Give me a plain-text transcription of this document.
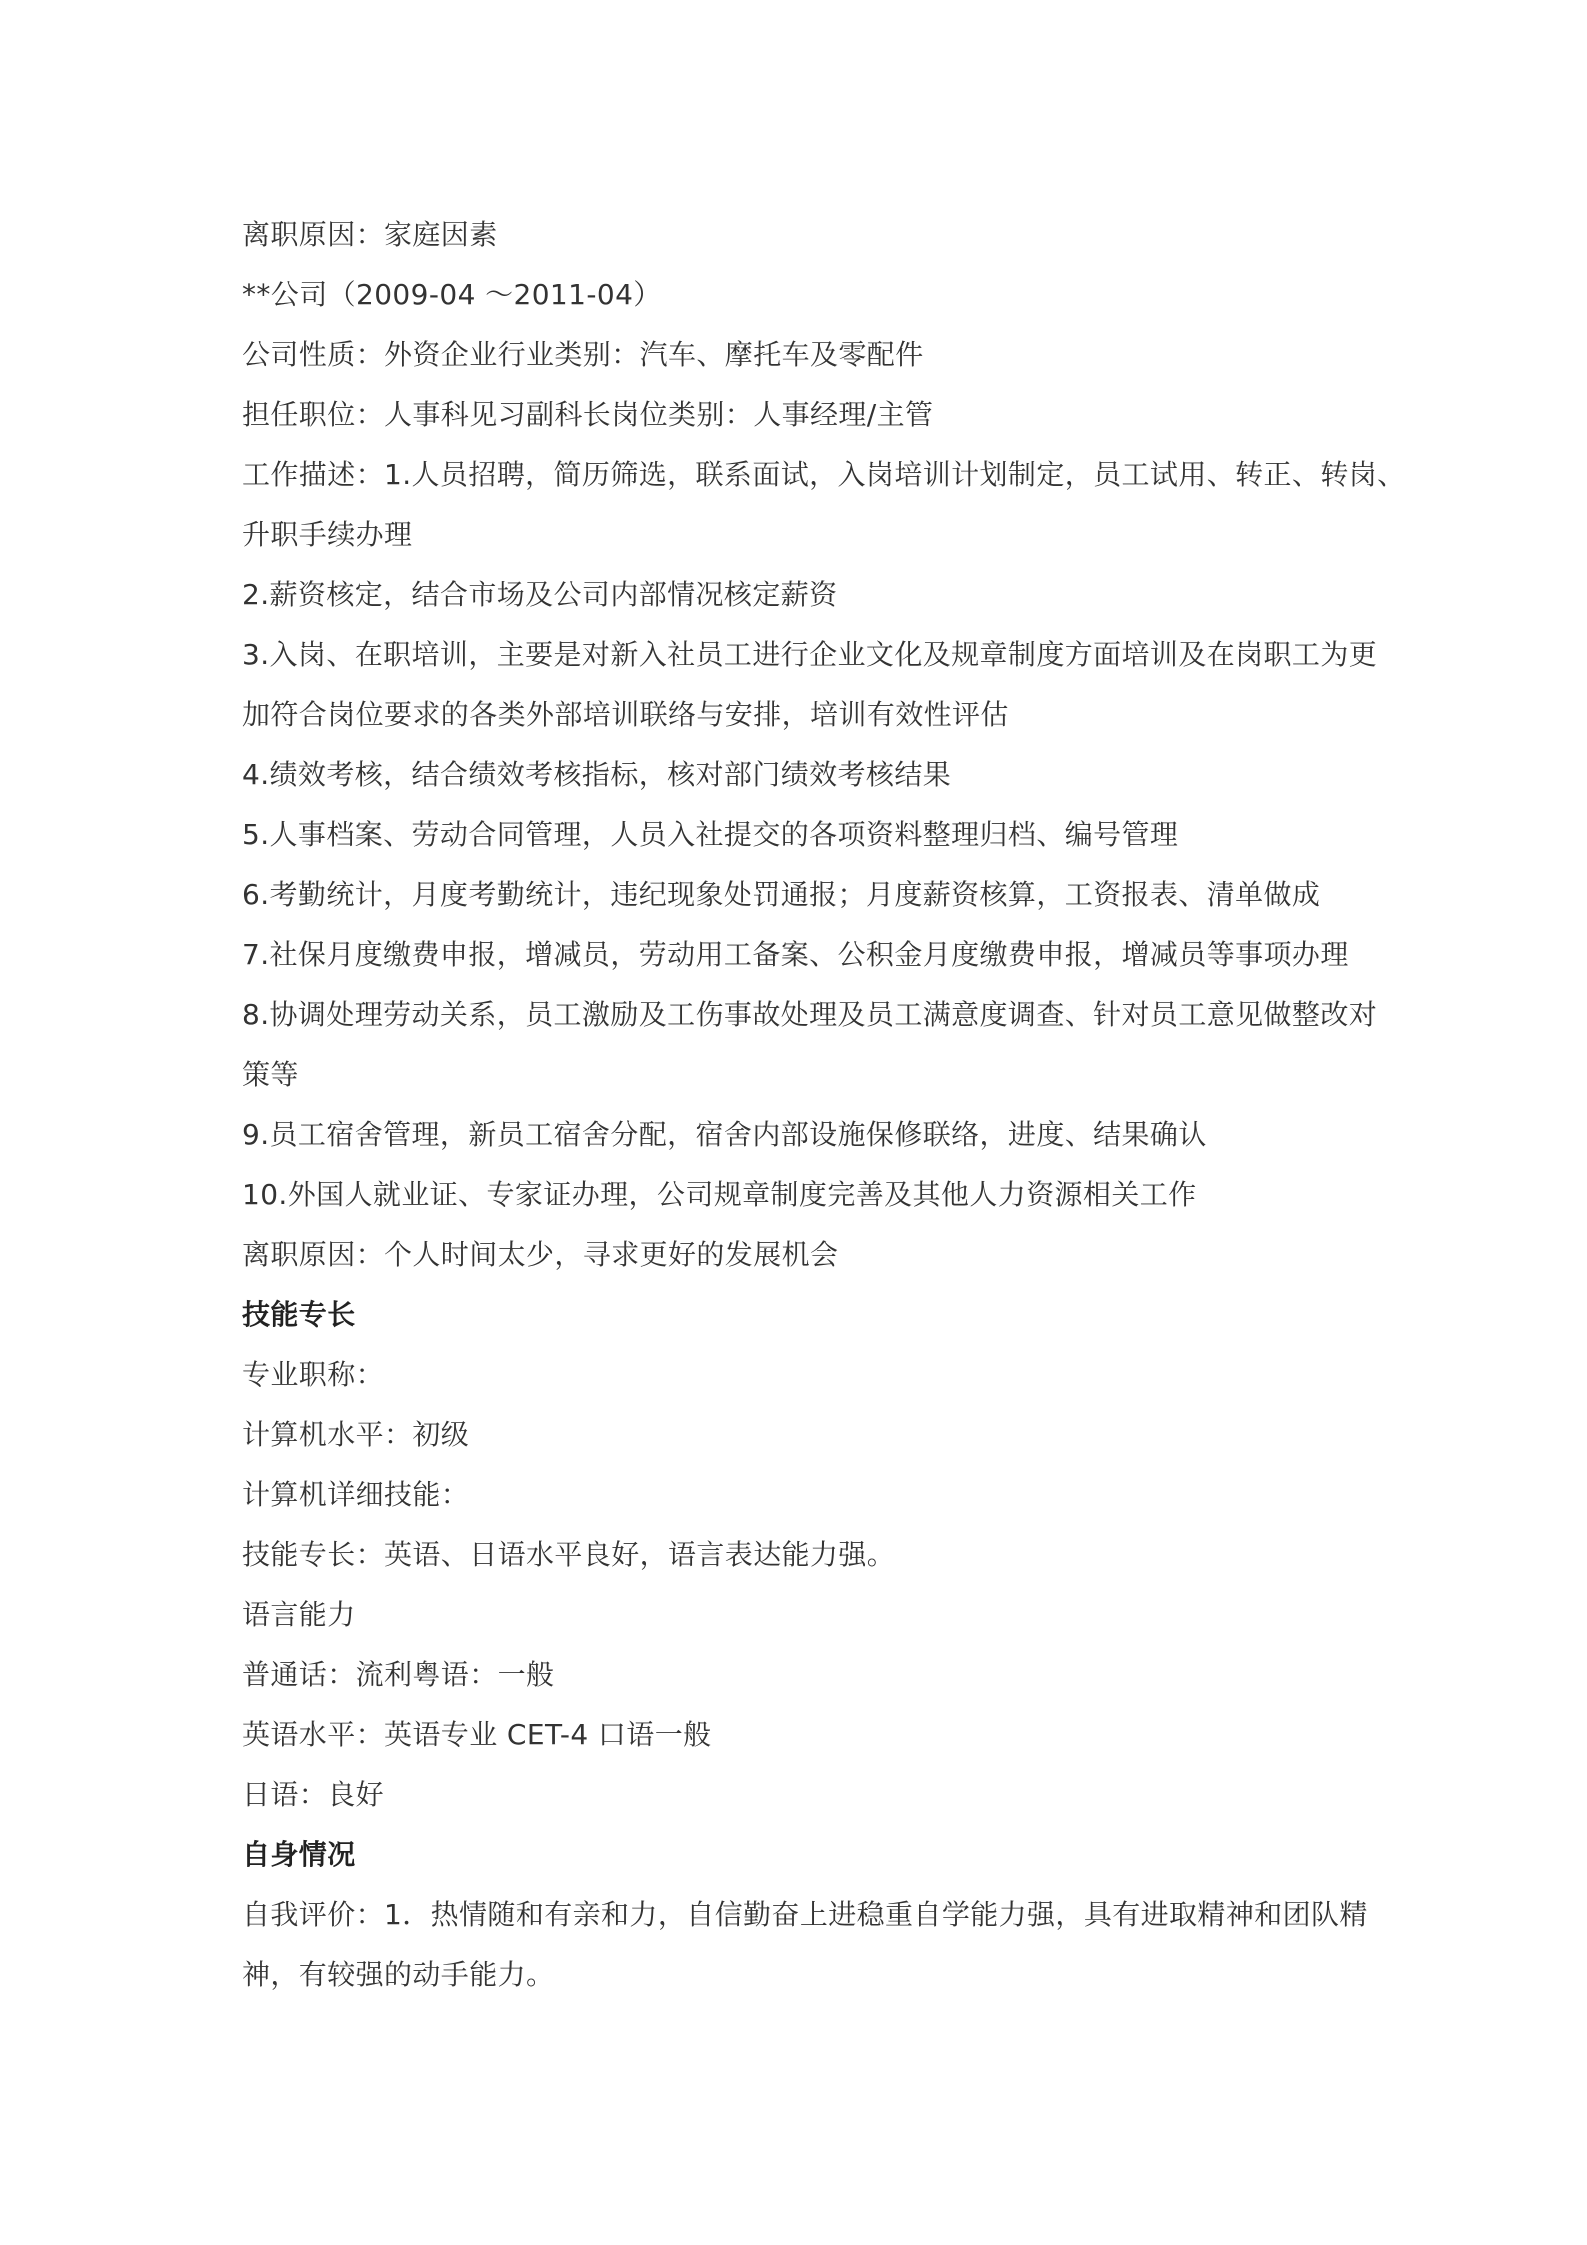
离职原因：家庭因素
**公司（2009-04 ～2011-04）
公司性质：外资企业行业类别：汽车、摩托车及零配件
担任职位：人事科见习副科长岗位类别：人事经理/主管
工作描述：1.人员招聘，简历筛选，联系面试，入岗培训计划制定，员工试用、转正、转岗、
升职手续办理
2.薪资核定，结合市场及公司内部情况核定薪资
3.入岗、在职培训，主要是对新入社员工进行企业文化及规章制度方面培训及在岗职工为更
加符合岗位要求的各类外部培训联络与安排，培训有效性评估
4.绩效考核，结合绩效考核指标，核对部门绩效考核结果
5.人事档案、劳动合同管理，人员入社提交的各项资料整理归档、编号管理
6.考勤统计，月度考勤统计，违纪现象处罚通报；月度薪资核算，工资报表、清单做成
7.社保月度缴费申报，增减员，劳动用工备案、公积金月度缴费申报，增减员等事项办理
8.协调处理劳动关系，员工激励及工伤事故处理及员工满意度调查、针对员工意见做整改对
策等
9.员工宿舍管理，新员工宿舍分配，宿舍内部设施保修联络，进度、结果确认
10.外国人就业证、专家证办理，公司规章制度完善及其他人力资源相关工作
离职原因：个人时间太少，寻求更好的发展机会
技能专长
专业职称：
计算机水平：初级
计算机详细技能：
技能专长：英语、日语水平良好，语言表达能力强。
语言能力
普通话：流利粤语：一般
英语水平：英语专业 CET-4 口语一般
日语：良好
自身情况
自我评价：1．热情随和有亲和力，自信勤奋上进稳重自学能力强，具有进取精神和团队精
神，有较强的动手能力。
